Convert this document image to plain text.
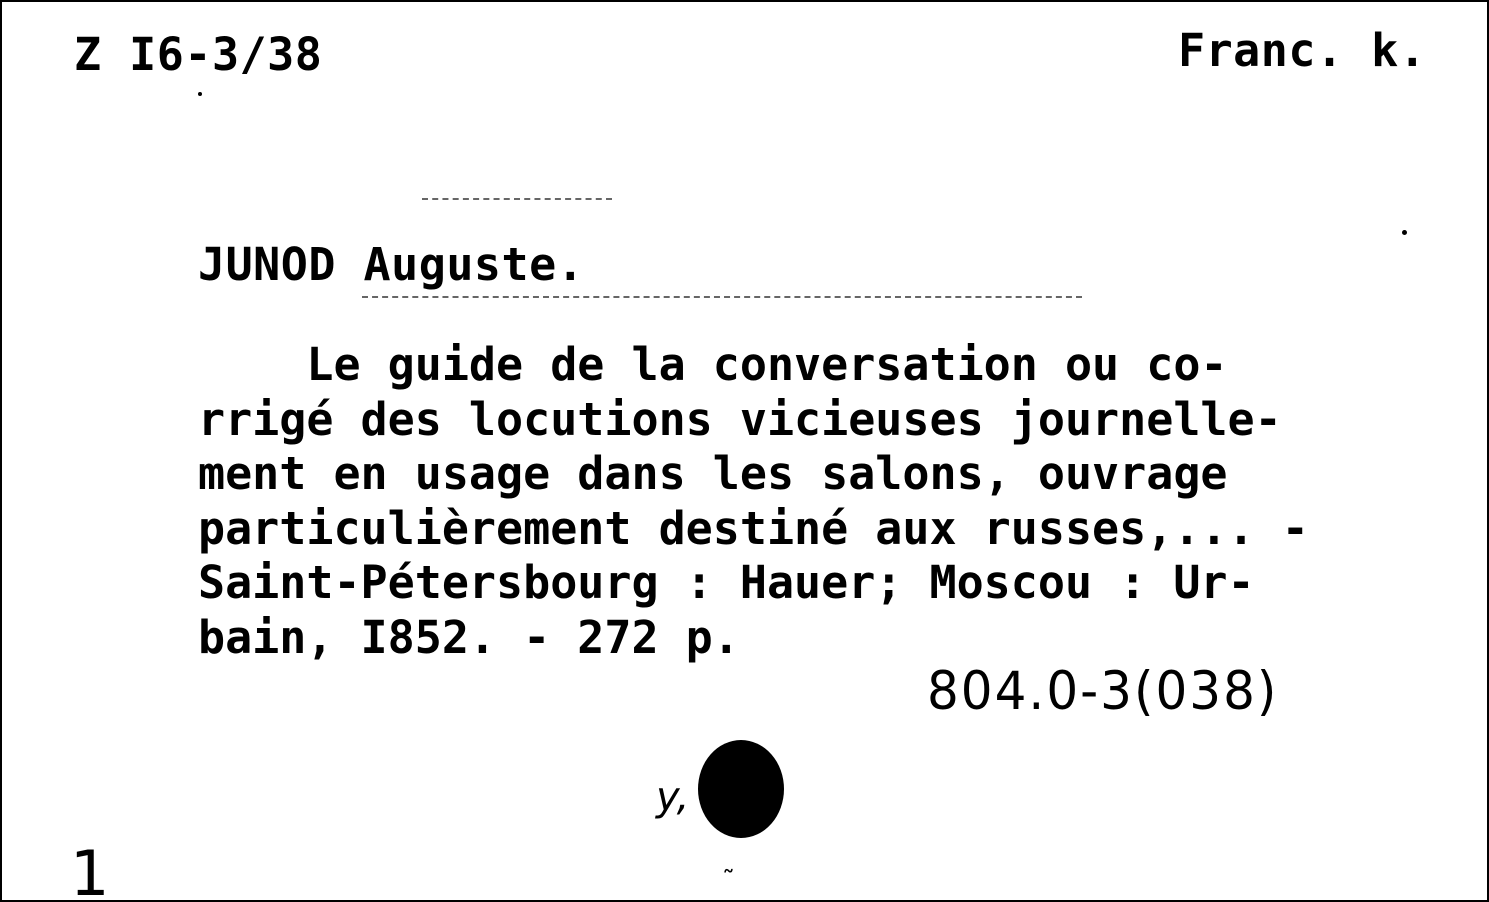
Z I6-3/38	Franc. k.
JUNOD Auguste.
Le guide de la conversation ou co-
rrigé des locutions vicieuses journelle-
ment en usage dans les salons, ouvrage
particulièrement destiné aux russes,... -
Saint-Pétersbourg : Hauer; Moscou : Ur-
bain, I852. - 272 p.
804.0-3(038)
y,
1	˜
